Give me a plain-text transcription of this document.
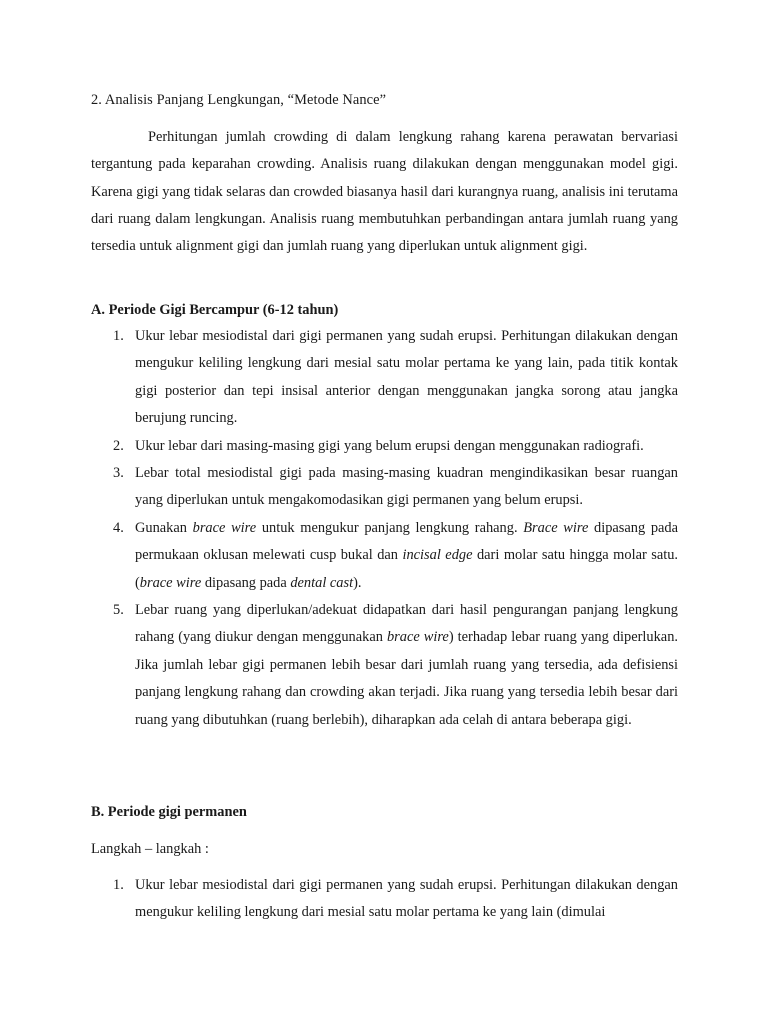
2. Analisis Panjang Lengkungan, “Metode Nance”
Perhitungan jumlah crowding di dalam lengkung rahang karena perawatan bervariasi tergantung pada keparahan crowding. Analisis ruang dilakukan dengan menggunakan model gigi. Karena gigi yang tidak selaras dan crowded biasanya hasil dari kurangnya ruang, analisis ini terutama dari ruang dalam lengkungan. Analisis ruang membutuhkan perbandingan antara jumlah ruang yang tersedia untuk alignment gigi dan jumlah ruang yang diperlukan untuk alignment gigi.
A. Periode Gigi Bercampur (6-12 tahun)
1. Ukur lebar mesiodistal dari gigi permanen yang sudah erupsi. Perhitungan dilakukan dengan mengukur keliling lengkung dari mesial satu molar pertama ke yang lain, pada titik kontak gigi posterior dan tepi insisal anterior dengan menggunakan jangka sorong atau jangka berujung runcing.
2. Ukur lebar dari masing-masing gigi yang belum erupsi dengan menggunakan radiografi.
3. Lebar total mesiodistal gigi pada masing-masing kuadran mengindikasikan besar ruangan yang diperlukan untuk mengakomodasikan gigi permanen yang belum erupsi.
4. Gunakan brace wire untuk mengukur panjang lengkung rahang. Brace wire dipasang pada permukaan oklusan melewati cusp bukal dan incisal edge dari molar satu hingga molar satu. (brace wire dipasang pada dental cast).
5. Lebar ruang yang diperlukan/adekuat didapatkan dari hasil pengurangan panjang lengkung rahang (yang diukur dengan menggunakan brace wire) terhadap lebar ruang yang diperlukan. Jika jumlah lebar gigi permanen lebih besar dari jumlah ruang yang tersedia, ada defisiensi panjang lengkung rahang dan crowding akan terjadi. Jika ruang yang tersedia lebih besar dari ruang yang dibutuhkan (ruang berlebih), diharapkan ada celah di antara beberapa gigi.
B. Periode gigi permanen
Langkah – langkah :
1. Ukur lebar mesiodistal dari gigi permanen yang sudah erupsi. Perhitungan dilakukan dengan mengukur keliling lengkung dari mesial satu molar pertama ke yang lain (dimulai
